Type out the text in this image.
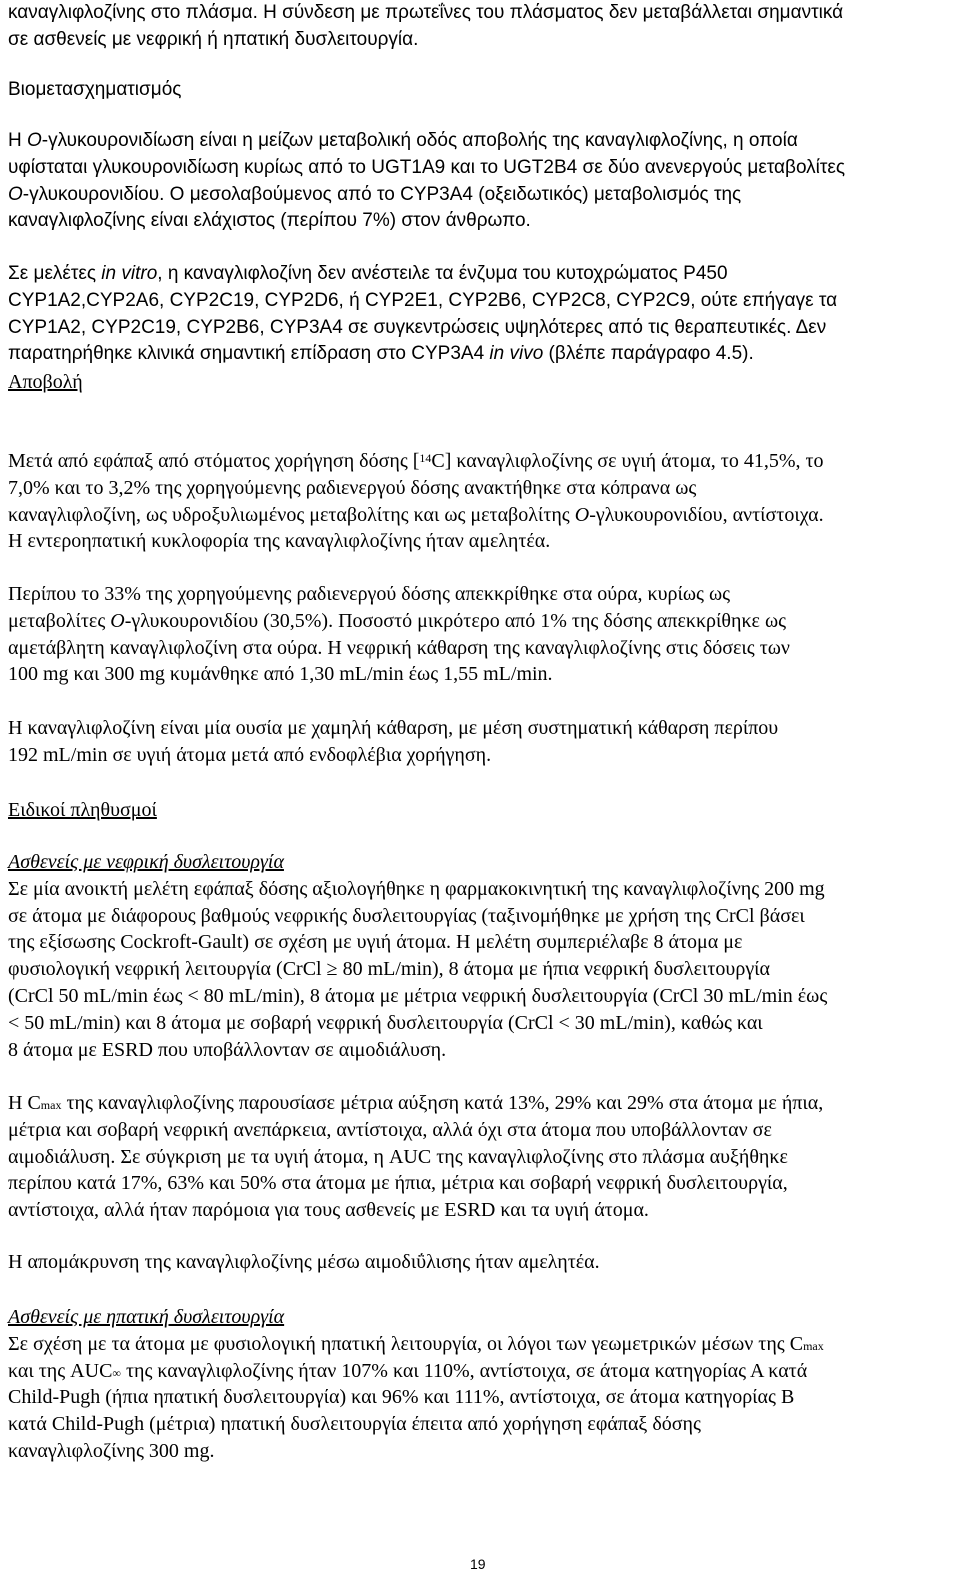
καναγλιφλοζίνης στο πλάσμα. Η σύνδεση με πρωτεΐνες του πλάσματος δεν μεταβάλλεται σημαντικά
σε ασθενείς με νεφρική ή ηπατική δυσλειτουργία.
Βιομετασχηματισμός
Η O-γλυκουρονιδίωση είναι η μείζων μεταβολική οδός αποβολής της καναγλιφλοζίνης, η οποία
υφίσταται γλυκουρονιδίωση κυρίως από το UGT1A9 και το UGT2B4 σε δύο ανενεργούς μεταβολίτες
O-γλυκουρονιδίου. Ο μεσολαβούμενος από το CYP3A4 (οξειδωτικός) μεταβολισμός της
καναγλιφλοζίνης είναι ελάχιστος (περίπου 7%) στον άνθρωπο.
Σε μελέτες in vitro, η καναγλιφλοζίνη δεν ανέστειλε τα ένζυμα του κυτοχρώματος P450
CYP1A2,CYP2A6, CYP2C19, CYP2D6, ή CYP2E1, CYP2B6, CYP2C8, CYP2C9, ούτε επήγαγε τα
CYP1A2, CYP2C19, CYP2B6, CYP3A4 σε συγκεντρώσεις υψηλότερες από τις θεραπευτικές. Δεν
παρατηρήθηκε κλινικά σημαντική επίδραση στο CYP3A4 in vivo (βλέπε παράγραφο 4.5).
Αποβολή
Μετά από εφάπαξ από στόματος χορήγηση δόσης [$^{14}$C] καναγλιφλοζίνης σε υγιή άτομα, το 41,5%, το
7,0% και το 3,2% της χορηγούμενης ραδιενεργού δόσης ανακτήθηκε στα κόπρανα ως
καναγλιφλοζίνη, ως υδροξυλιωμένος μεταβολίτης και ως μεταβολίτης O-γλυκουρονιδίου, αντίστοιχα.
Η εντεροηπατική κυκλοφορία της καναγλιφλοζίνης ήταν αμελητέα.
Περίπου το 33% της χορηγούμενης ραδιενεργού δόσης απεκκρίθηκε στα ούρα, κυρίως ως
μεταβολίτες O-γλυκουρονιδίου (30,5%). Ποσοστό μικρότερο από 1% της δόσης απεκκρίθηκε ως
αμετάβλητη καναγλιφλοζίνη στα ούρα. Η νεφρική κάθαρση της καναγλιφλοζίνης στις δόσεις των
100 mg και 300 mg κυμάνθηκε από 1,30 mL/min έως 1,55 mL/min.
Η καναγλιφλοζίνη είναι μία ουσία με χαμηλή κάθαρση, με μέση συστηματική κάθαρση περίπου
192 mL/min σε υγιή άτομα μετά από ενδοφλέβια χορήγηση.
Ειδικοί πληθυσμοί
Ασθενείς με νεφρική δυσλειτουργία
Σε μία ανοικτή μελέτη εφάπαξ δόσης αξιολογήθηκε η φαρμακοκινητική της καναγλιφλοζίνης 200 mg
σε άτομα με διάφορους βαθμούς νεφρικής δυσλειτουργίας (ταξινομήθηκε με χρήση της CrCl βάσει
της εξίσωσης Cockroft-Gault) σε σχέση με υγιή άτομα. Η μελέτη συμπεριέλαβε 8 άτομα με
φυσιολογική νεφρική λειτουργία (CrCl ≥ 80 mL/min), 8 άτομα με ήπια νεφρική δυσλειτουργία
(CrCl 50 mL/min έως < 80 mL/min), 8 άτομα με μέτρια νεφρική δυσλειτουργία (CrCl 30 mL/min έως
< 50 mL/min) και 8 άτομα με σοβαρή νεφρική δυσλειτουργία (CrCl < 30 mL/min), καθώς και
8 άτομα με ESRD που υποβάλλονταν σε αιμοδιάλυση.
Η $C_{max}$ της καναγλιφλοζίνης παρουσίασε μέτρια αύξηση κατά 13%, 29% και 29% στα άτομα με ήπια,
μέτρια και σοβαρή νεφρική ανεπάρκεια, αντίστοιχα, αλλά όχι στα άτομα που υποβάλλονταν σε
αιμοδιάλυση. Σε σύγκριση με τα υγιή άτομα, η AUC της καναγλιφλοζίνης στο πλάσμα αυξήθηκε
περίπου κατά 17%, 63% και 50% στα άτομα με ήπια, μέτρια και σοβαρή νεφρική δυσλειτουργία,
αντίστοιχα, αλλά ήταν παρόμοια για τους ασθενείς με ESRD και τα υγιή άτομα.
Η απομάκρυνση της καναγλιφλοζίνης μέσω αιμοδιΰλισης ήταν αμελητέα.
Ασθενείς με ηπατική δυσλειτουργία
Σε σχέση με τα άτομα με φυσιολογική ηπατική λειτουργία, οι λόγοι των γεωμετρικών μέσων της $C_{max}$
και της $AUC_\infty$ της καναγλιφλοζίνης ήταν 107% και 110%, αντίστοιχα, σε άτομα κατηγορίας Α κατά
Child-Pugh (ήπια ηπατική δυσλειτουργία) και 96% και 111%, αντίστοιχα, σε άτομα κατηγορίας Β
κατά Child-Pugh (μέτρια) ηπατική δυσλειτουργία έπειτα από χορήγηση εφάπαξ δόσης
καναγλιφλοζίνης 300 mg.
19
